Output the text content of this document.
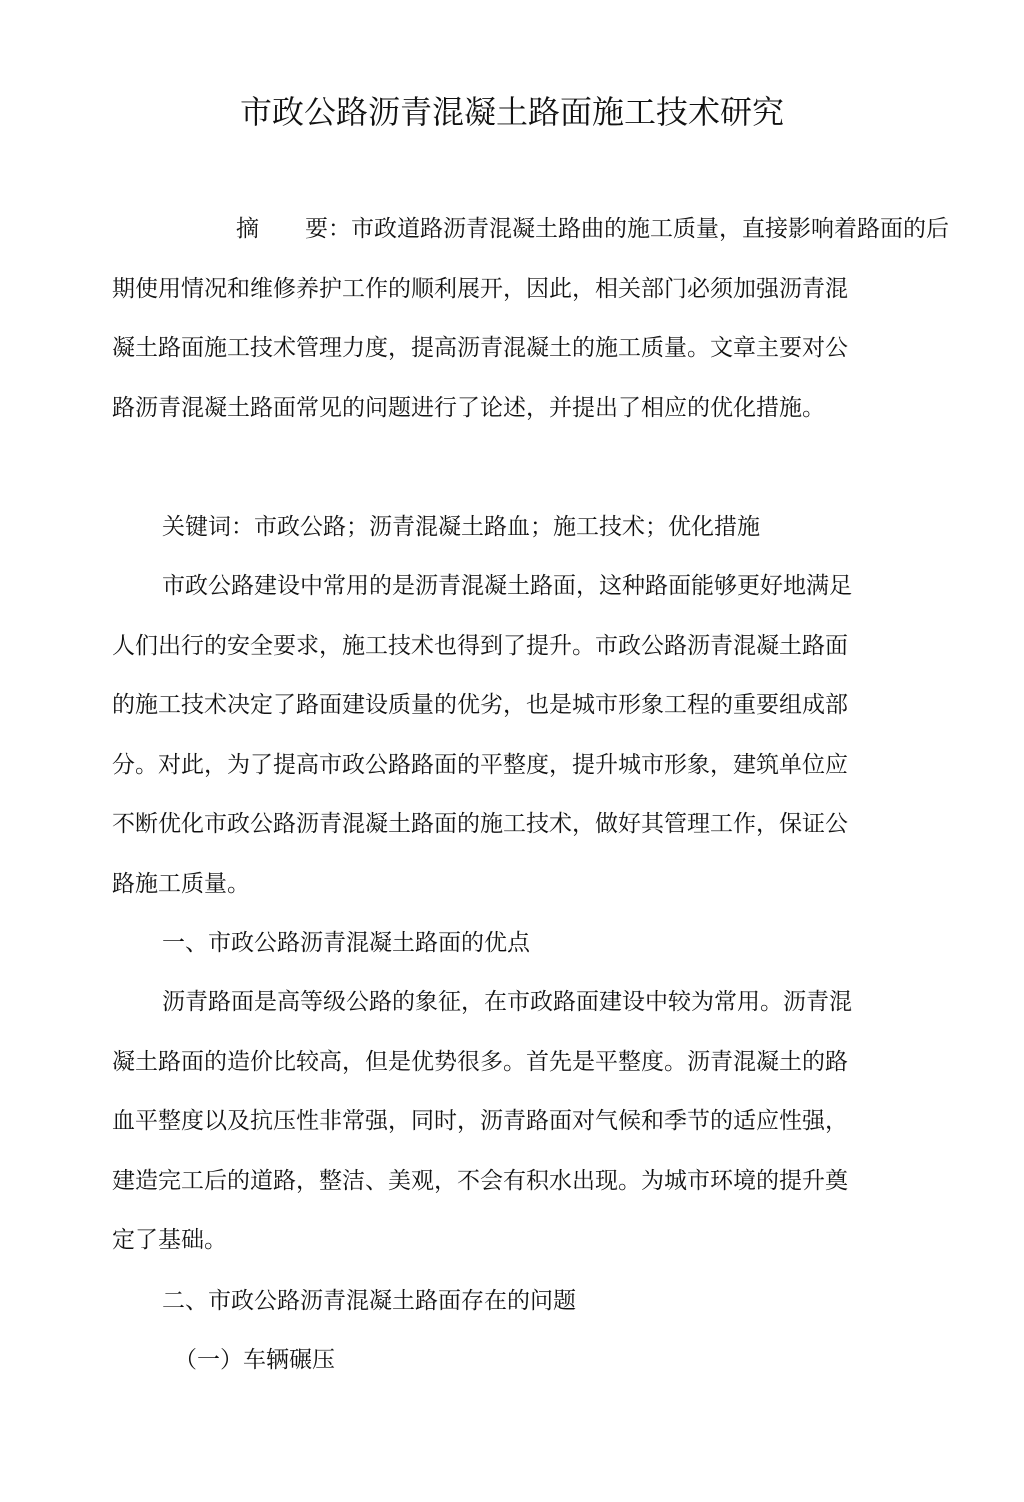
市政公路沥青混凝土路面施工技术研究
摘 要：市政道路沥青混凝土路曲的施工质量，直接影响着路面的后
期使用情况和维修养护工作的顺利展开，因此，相关部门必须加强沥青混
凝土路面施工技术管理力度，提高沥青混凝土的施工质量。文章主要对公
路沥青混凝土路面常见的问题进行了论述，并提出了相应的优化措施。
关键词：市政公路；沥青混凝土路血；施工技术；优化措施
市政公路建设中常用的是沥青混凝土路面，这种路面能够更好地满足
人们出行的安全要求，施工技术也得到了提升。市政公路沥青混凝土路面
的施工技术决定了路面建设质量的优劣，也是城市形象工程的重要组成部
分。对此，为了提高市政公路路面的平整度，提升城市形象，建筑单位应
不断优化市政公路沥青混凝土路面的施工技术，做好其管理工作，保证公
路施工质量。
一、市政公路沥青混凝土路面的优点
沥青路面是高等级公路的象征，在市政路面建设中较为常用。沥青混
凝土路面的造价比较高，但是优势很多。首先是平整度。沥青混凝土的路
血平整度以及抗压性非常强，同时，沥青路面对气候和季节的适应性强，
建造完工后的道路，整洁、美观，不会有积水出现。为城市环境的提升奠
定了基础。
二、市政公路沥青混凝土路面存在的问题
（一）车辆碾压
